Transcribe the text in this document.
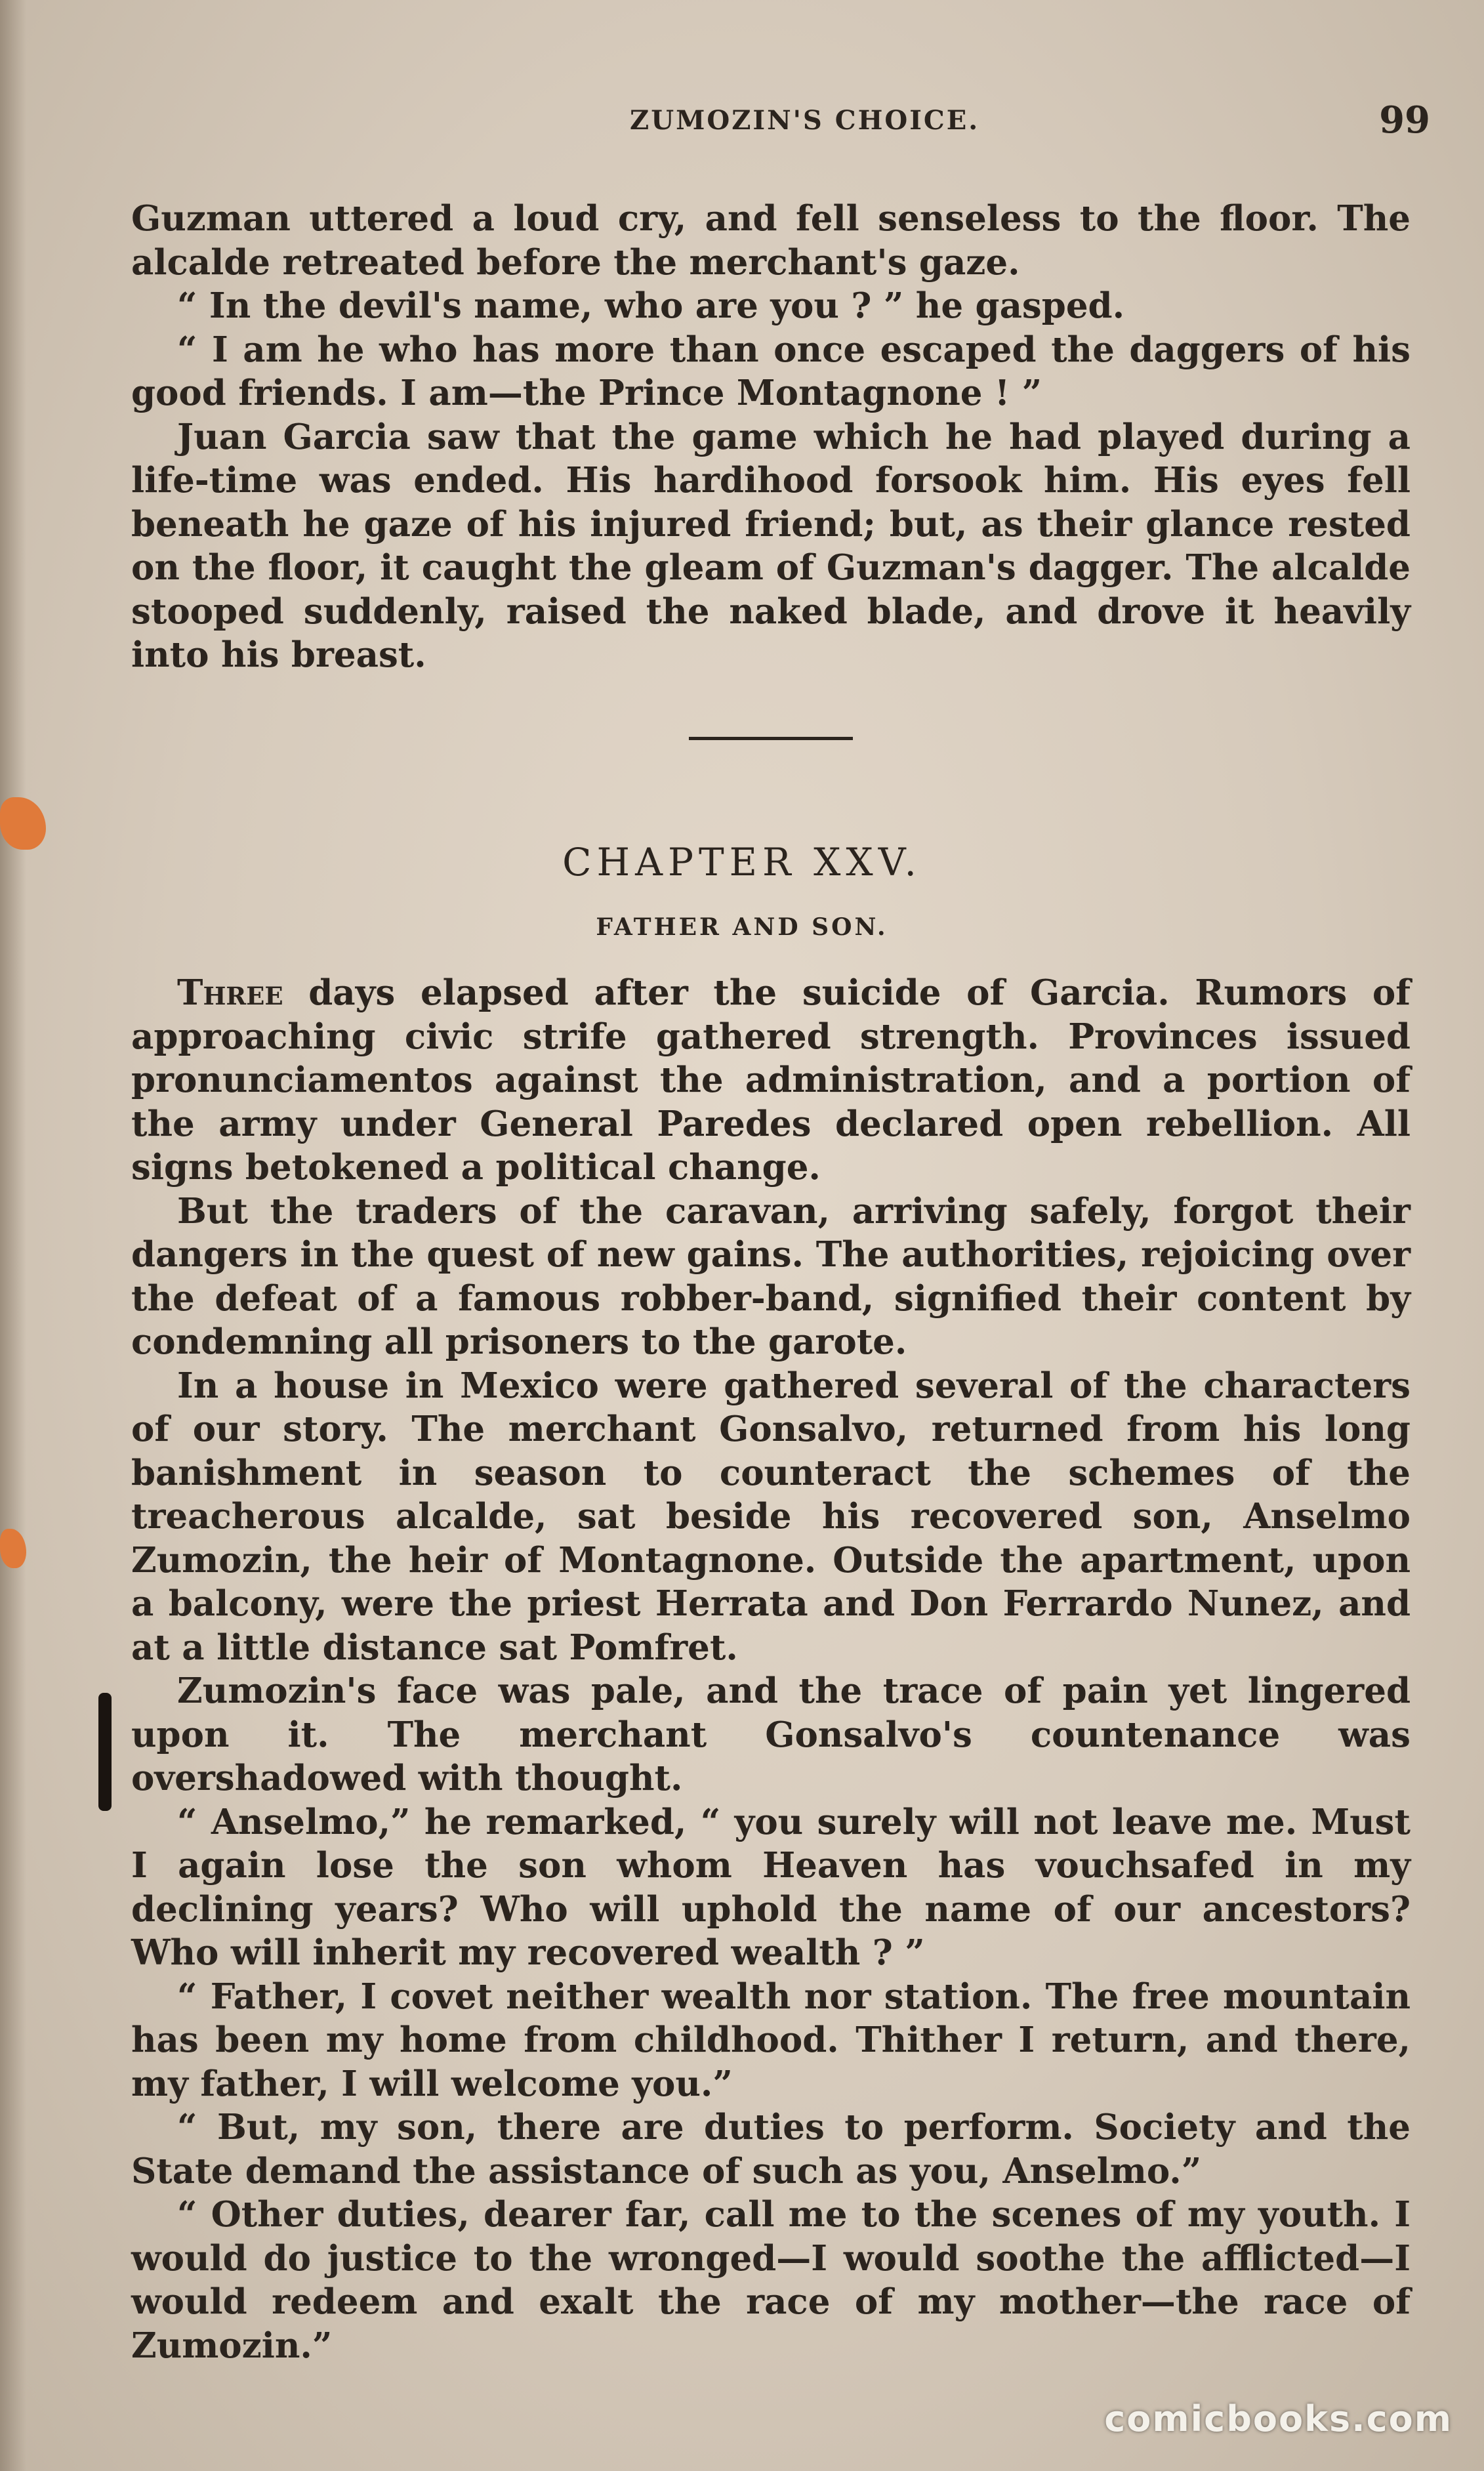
ZUMOZIN'S CHOICE.	99

Guzman uttered a loud cry, and fell senseless to the floor. The alcalde retreated before the merchant's gaze.

“ In the devil's name, who are you ? ” he gasped.

“ I am he who has more than once escaped the daggers of his good friends. I am—the Prince Montagnone ! ”

Juan Garcia saw that the game which he had played during a life-time was ended. His hardihood forsook him. His eyes fell beneath he gaze of his injured friend; but, as their glance rested on the floor, it caught the gleam of Guzman's dagger. The alcalde stooped suddenly, raised the naked blade, and drove it heavily into his breast.

CHAPTER XXV.
FATHER AND SON.

Three days elapsed after the suicide of Garcia. Rumors of approaching civic strife gathered strength. Provinces issued pronunciamentos against the administration, and a portion of the army under General Paredes declared open rebellion. All signs betokened a political change.

But the traders of the caravan, arriving safely, forgot their dangers in the quest of new gains. The authorities, rejoicing over the defeat of a famous robber-band, signified their content by condemning all prisoners to the garote.

In a house in Mexico were gathered several of the characters of our story. The merchant Gonsalvo, returned from his long banishment in season to counteract the schemes of the treacherous alcalde, sat beside his recovered son, Anselmo Zumozin, the heir of Montagnone. Outside the apartment, upon a balcony, were the priest Herrata and Don Ferrardo Nunez, and at a little distance sat Pomfret.

Zumozin's face was pale, and the trace of pain yet lingered upon it. The merchant Gonsalvo's countenance was overshadowed with thought.

“ Anselmo,” he remarked, “ you surely will not leave me. Must I again lose the son whom Heaven has vouchsafed in my declining years? Who will uphold the name of our ancestors? Who will inherit my recovered wealth ? ”

“ Father, I covet neither wealth nor station. The free mountain has been my home from childhood. Thither I return, and there, my father, I will welcome you.”

“ But, my son, there are duties to perform. Society and the State demand the assistance of such as you, Anselmo.”

“ Other duties, dearer far, call me to the scenes of my youth. I would do justice to the wronged—I would soothe the afflicted—I would redeem and exalt the race of my mother—the race of Zumozin.”

comicbooks.com
